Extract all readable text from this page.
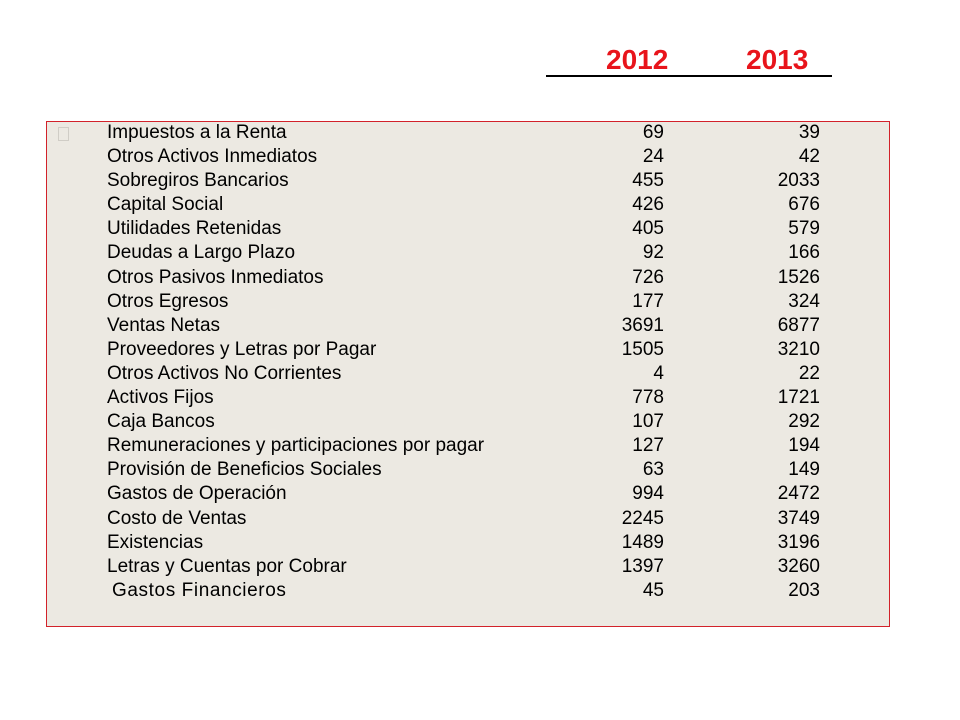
2012	2013
Impuestos a la Renta	69	39
Otros Activos Inmediatos	24	42
Sobregiros Bancarios	455	2033
Capital Social	426	676
Utilidades Retenidas	405	579
Deudas a Largo Plazo	92	166
Otros Pasivos Inmediatos	726	1526
Otros Egresos	177	324
Ventas Netas	3691	6877
Proveedores y Letras por Pagar	1505	3210
Otros Activos No Corrientes	4	22
Activos Fijos	778	1721
Caja Bancos	107	292
Remuneraciones y participaciones por pagar	127	194
Provisión de Beneficios Sociales	63	149
Gastos de Operación	994	2472
Costo de Ventas	2245	3749
Existencias	1489	3196
Letras y Cuentas por Cobrar	1397	3260
Gastos Financieros	45	203
